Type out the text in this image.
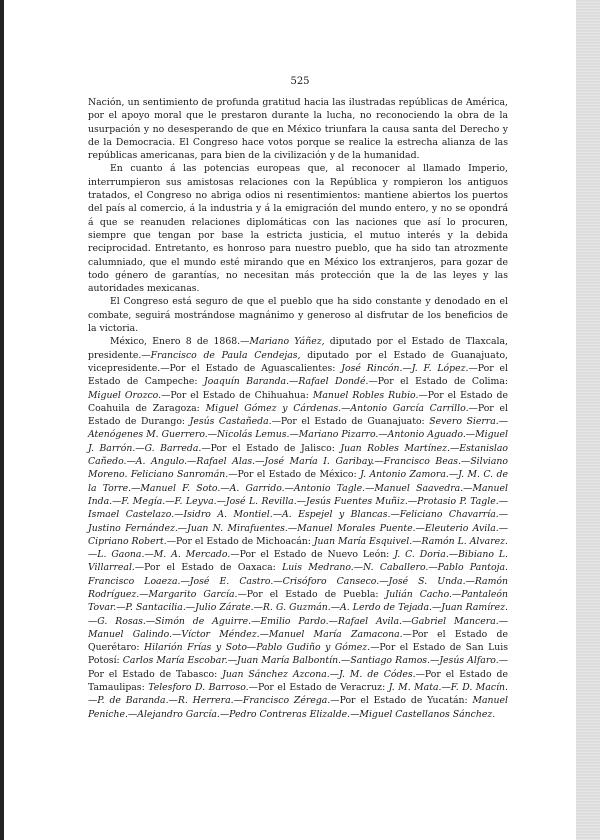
525

Nación, un sentimiento de profunda gratitud hacia las ilustradas repúblicas de América, por el apoyo moral que le prestaron durante la lucha, no reconociendo la obra de la usurpación y no desesperando de que en México triunfara la causa santa del Derecho y de la Democracia. El Congreso hace votos porque se realice la estrecha alianza de las repúblicas americanas, para bien de la civilización y de la humanidad.

En cuanto á las potencias europeas que, al reconocer al llamado Imperio, interrumpieron sus amistosas relaciones con la República y rompieron los antiguos tratados, el Congreso no abriga odios ni resentimientos: mantiene abiertos los puertos del país al comercio, á la industria y á la emigración del mundo entero, y no se opondrá á que se reanuden relaciones diplomáticas con las naciones que así lo procuren, siempre que tengan por base la estricta justicia, el mutuo interés y la debida reciprocidad. Entretanto, es honroso para nuestro pueblo, que ha sido tan atrozmente calumniado, que el mundo esté mirando que en México los extranjeros, para gozar de todo género de garantías, no necesitan más protección que la de las leyes y las autoridades mexicanas.

El Congreso está seguro de que el pueblo que ha sido constante y denodado en el combate, seguirá mostrándose magnánimo y generoso al disfrutar de los beneficios de la victoria.

México, Enero 8 de 1868.—Mariano Yáñez, diputado por el Estado de Tlaxcala, presidente.—Francisco de Paula Cendejas, diputado por el Estado de Guanajuato, vicepresidente.—Por el Estado de Aguascalientes: José Rincón.—J. F. López.—Por el Estado de Campeche: Joaquín Baranda.—Rafael Dondé.—Por el Estado de Colima: Miguel Orozco.—Por el Estado de Chihuahua: Manuel Robles Rubio.—Por el Estado de Coahuila de Zaragoza: Miguel Gómez y Cárdenas.—Antonio García Carrillo.—Por el Estado de Durango: Jesús Castañeda.—Por el Estado de Guanajuato: Severo Sierra.—Atenógenes M. Guerrero.—Nicolás Lemus.—Mariano Pizarro.—Antonio Aguado.—Miguel J. Barrón.—G. Barreda.—Por el Estado de Jalisco: Juan Robles Martínez.—Estanislao Cañedo.—A. Angulo.—Rafael Alas.—José María I. Garibay.—Francisco Beas.—Silviano Moreno. Feliciano Sanromán.—Por el Estado de México: J. Antonio Zamora.—J. M. C. de la Torre.—Manuel F. Soto.—A. Garrido.—Antonio Tagle.—Manuel Saavedra.—Manuel Inda.—F. Megía.—F. Leyva.—José L. Revilla.—Jesús Fuentes Muñiz.—Protasio P. Tagle.—Ismael Castelazo.—Isidro A. Montiel.—A. Espejel y Blancas.—Feliciano Chavarría.—Justino Fernández.—Juan N. Mirafuentes.—Manuel Morales Puente.—Eleuterio Avila.—Cipriano Robert.—Por el Estado de Michoacán: Juan María Esquivel.—Ramón L. Alvarez.—L. Gaona.—M. A. Mercado.—Por el Estado de Nuevo León: J. C. Doria.—Bibiano L. Villarreal.—Por el Estado de Oaxaca: Luis Medrano.—N. Caballero.—Pablo Pantoja. Francisco Loaeza.—José E. Castro.—Crisóforo Canseco.—José S. Unda.—Ramón Rodríguez.—Margarito García.—Por el Estado de Puebla: Julián Cacho.—Pantaleón Tovar.—P. Santacilia.—Julio Zárate.—R. G. Guzmán.—A. Lerdo de Tejada.—Juan Ramírez.—G. Rosas.—Simón de Aguirre.—Emilio Pardo.—Rafael Avila.—Gabriel Mancera.—Manuel Galindo.—Víctor Méndez.—Manuel María Zamacona.—Por el Estado de Querétaro: Hilarión Frías y Soto—Pablo Gudiño y Gómez.—Por el Estado de San Luis Potosí: Carlos María Escobar.—Juan María Balbontín.—Santiago Ramos.—Jesús Alfaro.—Por el Estado de Tabasco: Juan Sánchez Azcona.—J. M. de Códes.—Por el Estado de Tamaulipas: Telesforo D. Barroso.—Por el Estado de Veracruz: J. M. Mata.—F. D. Macín.—P. de Baranda.—R. Herrera.—Francisco Zérega.—Por el Estado de Yucatán: Manuel Peniche.—Alejandro García.—Pedro Contreras Elizalde.—Miguel Castellanos Sánchez.
